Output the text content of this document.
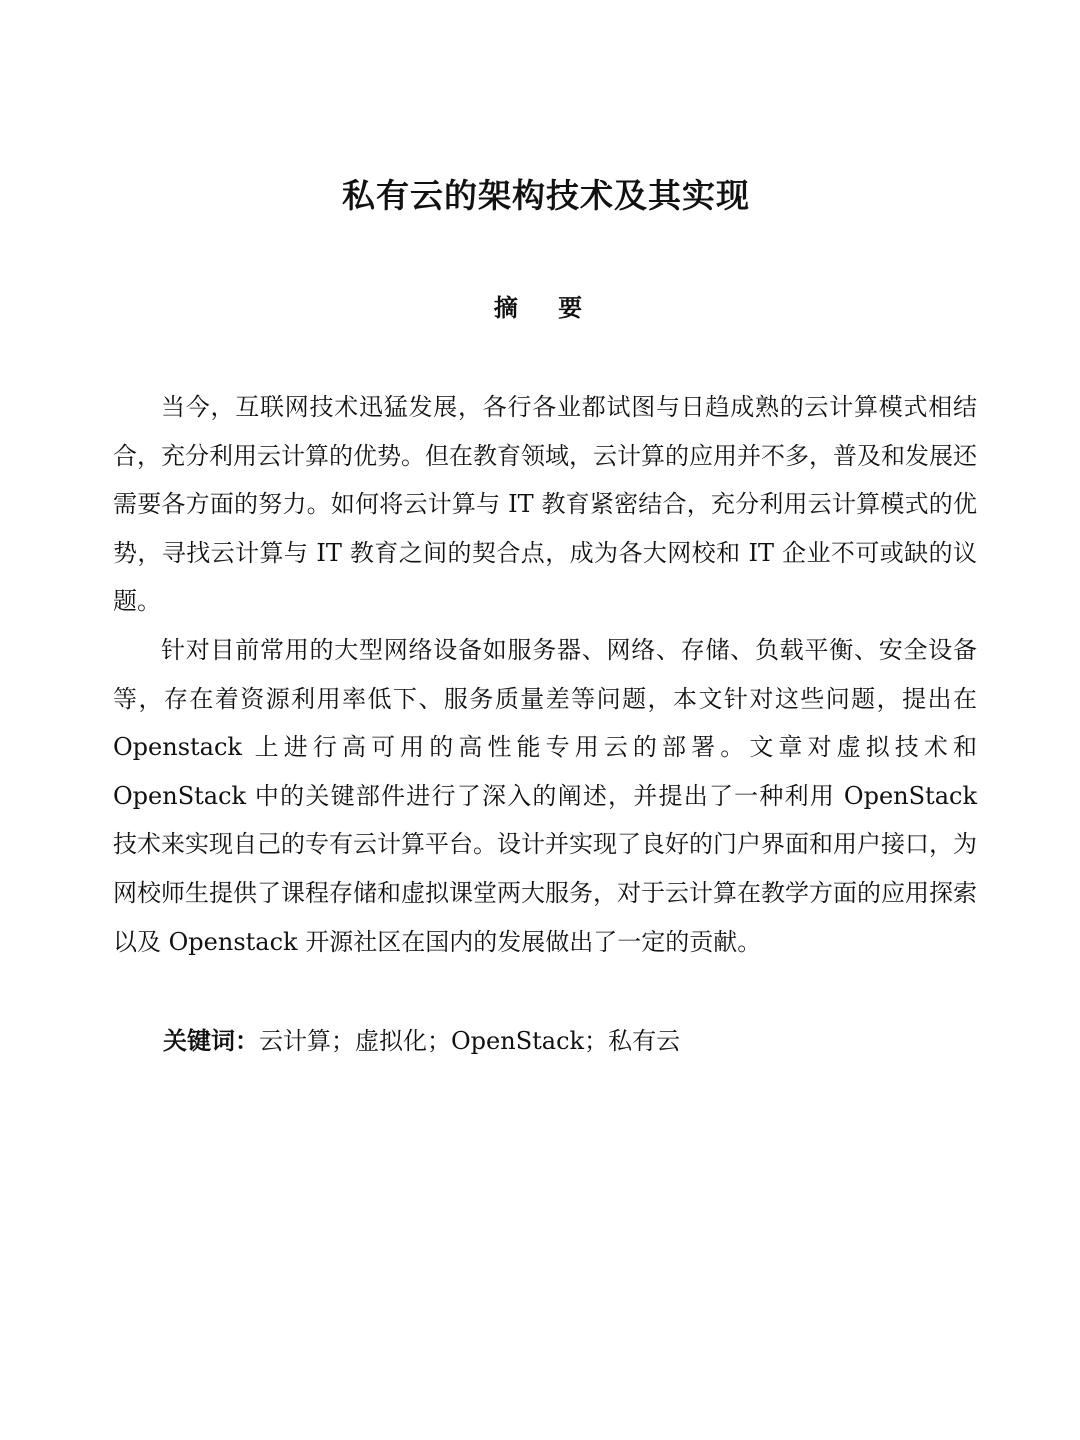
私有云的架构技术及其实现
摘 要

当今，互联网技术迅猛发展，各行各业都试图与日趋成熟的云计算模式相结合，充分利用云计算的优势。但在教育领域，云计算的应用并不多，普及和发展还需要各方面的努力。如何将云计算与 IT 教育紧密结合，充分利用云计算模式的优势，寻找云计算与 IT 教育之间的契合点，成为各大网校和 IT 企业不可或缺的议题。

针对目前常用的大型网络设备如服务器、网络、存储、负载平衡、安全设备等，存在着资源利用率低下、服务质量差等问题，本文针对这些问题，提出在 Openstack 上进行高可用的高性能专用云的部署。文章对虚拟技术和 OpenStack 中的关键部件进行了深入的阐述，并提出了一种利用 OpenStack 技术来实现自己的专有云计算平台。设计并实现了良好的门户界面和用户接口，为网校师生提供了课程存储和虚拟课堂两大服务，对于云计算在教学方面的应用探索以及 Openstack 开源社区在国内的发展做出了一定的贡献。

关键词：云计算；虚拟化；OpenStack；私有云
